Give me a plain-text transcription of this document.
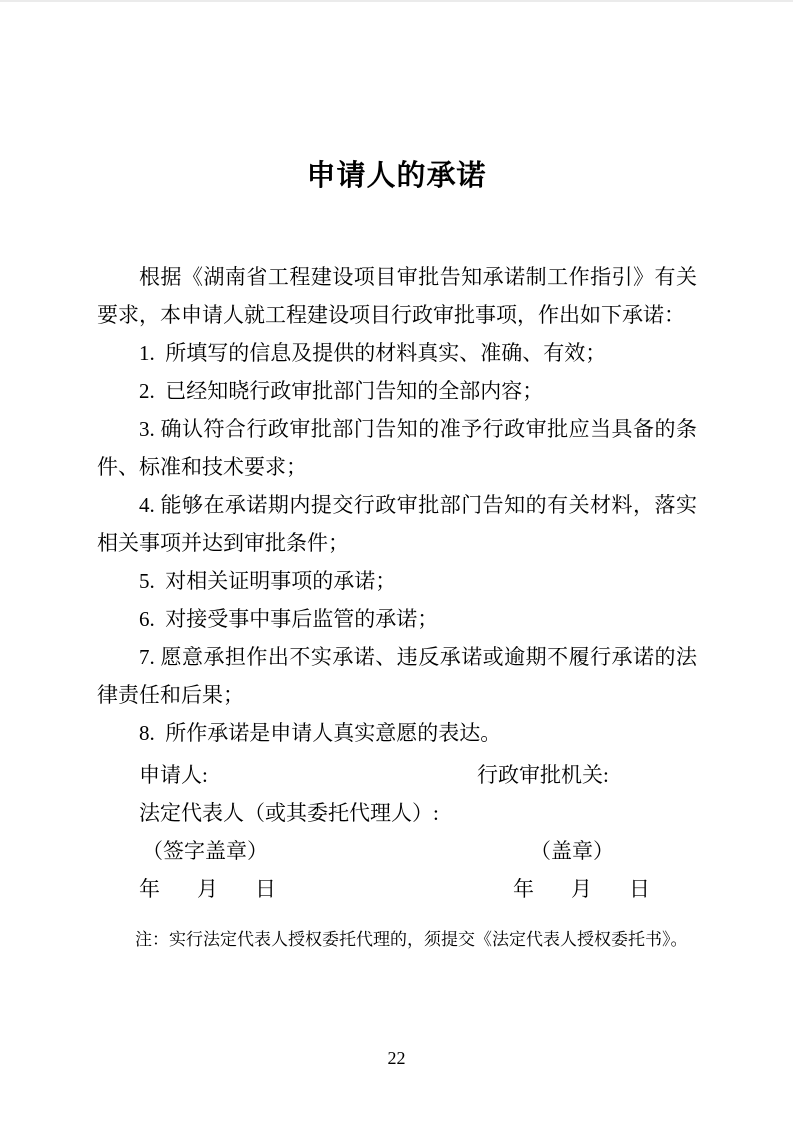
申请人的承诺

根据《湖南省工程建设项目审批告知承诺制工作指引》有关要求，本申请人就工程建设项目行政审批事项，作出如下承诺：

1. 所填写的信息及提供的材料真实、准确、有效；

2. 已经知晓行政审批部门告知的全部内容；

3. 确认符合行政审批部门告知的准予行政审批应当具备的条件、标准和技术要求；

4. 能够在承诺期内提交行政审批部门告知的有关材料，落实相关事项并达到审批条件；

5. 对相关证明事项的承诺；

6. 对接受事中事后监管的承诺；

7. 愿意承担作出不实承诺、违反承诺或逾期不履行承诺的法律责任和后果；

8. 所作承诺是申请人真实意愿的表达。

申请人:	行政审批机关:
法定代表人（或其委托代理人）:
（签字盖章）	（盖章）
年　月　日	年　月　日

注：实行法定代表人授权委托代理的，须提交《法定代表人授权委托书》。

22
